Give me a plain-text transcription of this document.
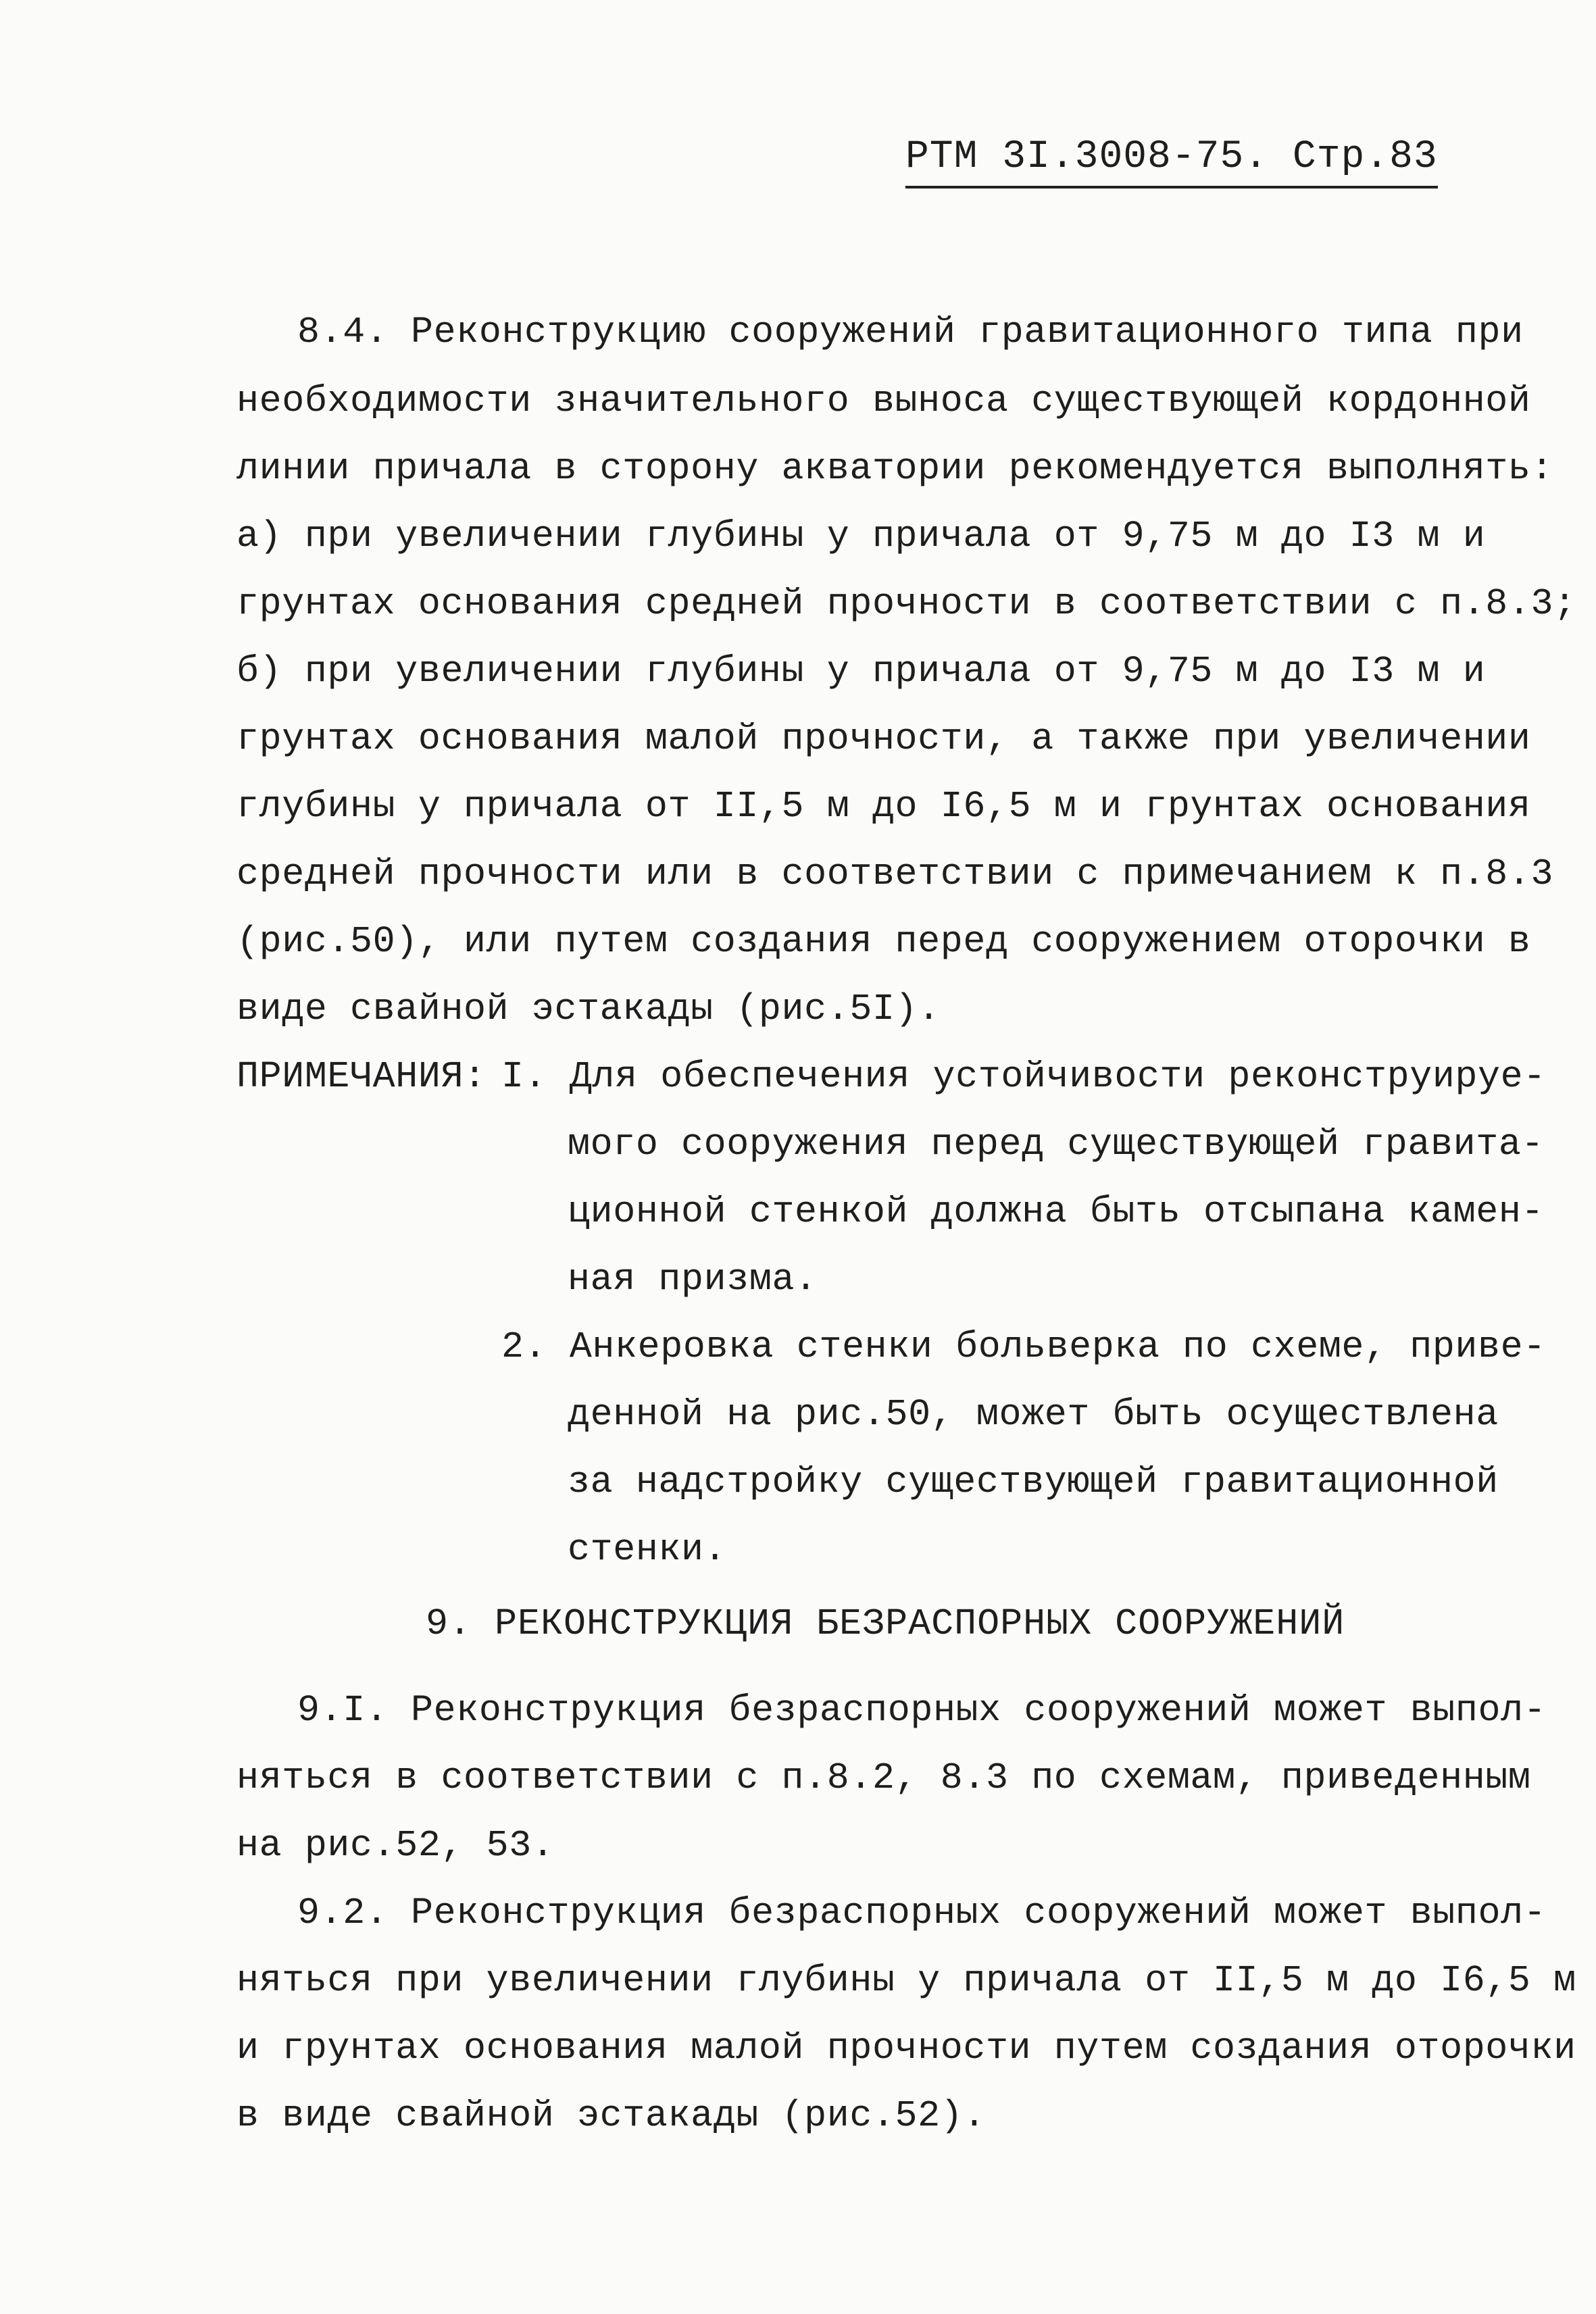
РТМ 3I.3008-75. Стр.83
8.4. Реконструкцию сооружений гравитационного типа при
необходимости значительного выноса существующей кордонной
линии причала в сторону акватории рекомендуется выполнять:
а) при увеличении глубины у причала от 9,75 м до I3 м и
грунтах основания средней прочности в соответствии с п.8.3;
б) при увеличении глубины у причала от 9,75 м до I3 м и
грунтах основания малой прочности, а также при увеличении
глубины у причала от II,5 м до I6,5 м и грунтах основания
средней прочности или в соответствии с примечанием к п.8.3
(рис.50), или путем создания перед сооружением оторочки в
виде свайной эстакады (рис.5I).
ПРИМЕЧАНИЯ: I. Для обеспечения устойчивости реконструируе-
мого сооружения перед существующей гравита-
ционной стенкой должна быть отсыпана камен-
ная призма.
2. Анкеровка стенки больверка по схеме, приве-
денной на рис.50, может быть осуществлена
за надстройку существующей гравитационной
стенки.
9. РЕКОНСТРУКЦИЯ БЕЗРАСПОРНЫХ СООРУЖЕНИЙ
9.I. Реконструкция безраспорных сооружений может выпол-
няться в соответствии с п.8.2, 8.3 по схемам, приведенным
на рис.52, 53.
9.2. Реконструкция безраспорных сооружений может выпол-
няться при увеличении глубины у причала от II,5 м до I6,5 м
и грунтах основания малой прочности путем создания оторочки
в виде свайной эстакады (рис.52).
